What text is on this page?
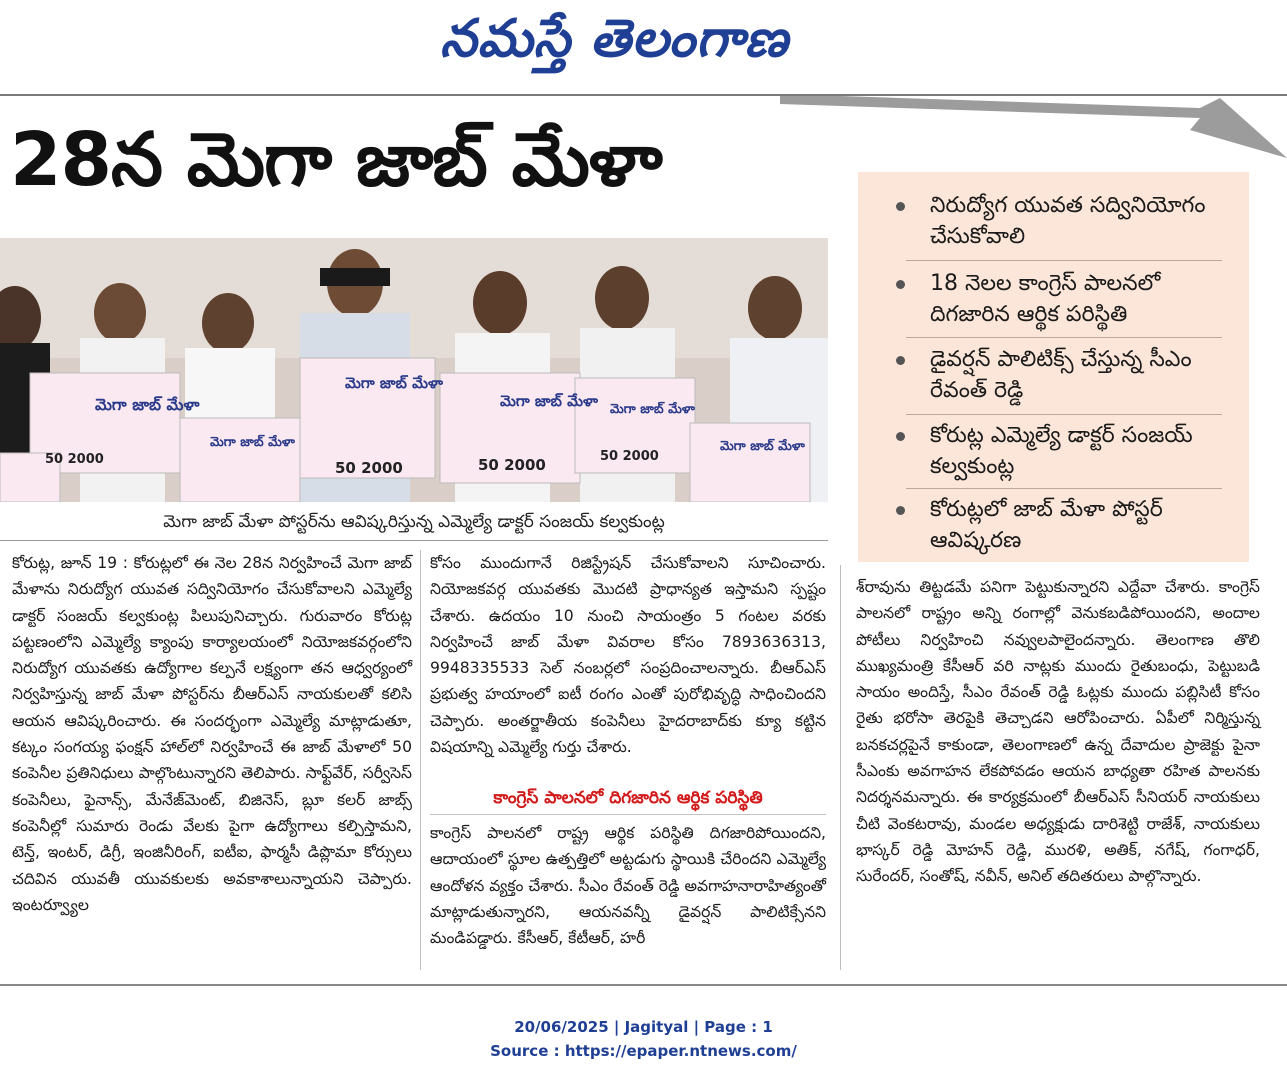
నమస్తే తెలంగాణ
28న మెగా జాబ్ మేళా
మెగా జాబ్ మేళా
మెగా జాబ్ మేళా
మెగా జాబ్ మేళా మెగా జాబ్ మేళా
మెగా జాబ్ మేళా	మెగా జాబ్ మేళా
50 2000	50 2000	50 2000
50 2000
మెగా జాబ్ మేళా పోస్టర్‌ను ఆవిష్కరిస్తున్న ఎమ్మెల్యే డాక్టర్ సంజయ్ కల్వకుంట్ల
నిరుద్యోగ యువత సద్వినియోగం చేసుకోవాలి
18 నెలల కాంగ్రెస్ పాలనలో దిగజారిన ఆర్థిక పరిస్థితి
డైవర్షన్ పాలిటిక్స్ చేస్తున్న సీఎం రేవంత్ రెడ్డి
కోరుట్ల ఎమ్మెల్యే డాక్టర్ సంజయ్ కల్వకుంట్ల
కోరుట్లలో జాబ్ మేళా పోస్టర్ ఆవిష్కరణ

కోరుట్ల, జూన్ 19 : కోరుట్లలో ఈ నెల 28న నిర్వహించే మెగా జాబ్ మేళాను నిరుద్యోగ యువత సద్వినియోగం చేసుకోవాలని ఎమ్మెల్యే డాక్టర్ సంజయ్ కల్వకుంట్ల పిలుపునిచ్చారు. గురువారం కోరుట్ల పట్టణంలోని ఎమ్మెల్యే క్యాంపు కార్యాలయంలో నియోజకవర్గంలోని నిరుద్యోగ యువతకు ఉద్యోగాల కల్పనే లక్ష్యంగా తన ఆధ్వర్యంలో నిర్వహిస్తున్న జాబ్ మేళా పోస్టర్‌ను బీఆర్‌ఎస్ నాయకులతో కలిసి ఆయన ఆవిష్కరించారు. ఈ సందర్భంగా ఎమ్మెల్యే మాట్లాడుతూ, కట్కం సంగయ్య ఫంక్షన్ హాల్‌లో నిర్వహించే ఈ జాబ్ మేళాలో 50 కంపెనీల ప్రతినిధులు పాల్గొంటున్నారని తెలిపారు. సాఫ్ట్‌వేర్, సర్వీసెస్ కంపెనీలు, ఫైనాన్స్, మేనేజ్‌మెంట్, బిజినెస్, బ్లూ కలర్ జాబ్స్ కంపెనీల్లో సుమారు రెండు వేలకు పైగా ఉద్యోగాలు కల్పిస్తామని, టెన్త్, ఇంటర్, డిగ్రీ, ఇంజినీరింగ్, ఐటీఐ, ఫార్మసీ డిప్లొమా కోర్సులు చదివిన యువతీ యువకులకు అవకాశాలున్నాయని చెప్పారు. ఇంటర్వ్యూల

కోసం ముందుగానే రిజిస్ట్రేషన్ చేసుకోవాలని సూచించారు. నియోజకవర్గ యువతకు మొదటి ప్రాధాన్యత ఇస్తామని స్పష్టం చేశారు. ఉదయం 10 నుంచి సాయంత్రం 5 గంటల వరకు నిర్వహించే జాబ్ మేళా వివరాల కోసం 7893636313, 9948335533 సెల్ నంబర్లలో సంప్రదించాలన్నారు. బీఆర్‌ఎస్ ప్రభుత్వ హయాంలో ఐటీ రంగం ఎంతో పురోభివృద్ధి సాధించిందని చెప్పారు. అంతర్జాతీయ కంపెనీలు హైదరాబాద్‌కు క్యూ కట్టిన విషయాన్ని ఎమ్మెల్యే గుర్తు చేశారు.

కాంగ్రెస్ పాలనలో దిగజారిన ఆర్థిక పరిస్థితి

కాంగ్రెస్ పాలనలో రాష్ట్ర ఆర్థిక పరిస్థితి దిగజారిపోయిందని, ఆదాయంలో స్థూల ఉత్పత్తిలో అట్టడుగు స్థాయికి చేరిందని ఎమ్మెల్యే ఆందోళన వ్యక్తం చేశారు. సీఎం రేవంత్ రెడ్డి అవగాహనారాహిత్యంతో మాట్లాడుతున్నారని, ఆయనవన్నీ డైవర్షన్ పాలిటిక్సేనని మండిపడ్డారు. కేసీఆర్, కేటీఆర్, హరీ

శ్‌రావును తిట్టడమే పనిగా పెట్టుకున్నారని ఎద్దేవా చేశారు. కాంగ్రెస్ పాలనలో రాష్ట్రం అన్ని రంగాల్లో వెనుకబడిపోయిందని, అందాల పోటీలు నిర్వహించి నవ్వులపాలైందన్నారు. తెలంగాణ తొలి ముఖ్యమంత్రి కేసీఆర్ వరి నాట్లకు ముందు రైతుబంధు, పెట్టుబడి సాయం అందిస్తే, సీఎం రేవంత్ రెడ్డి ఓట్లకు ముందు పబ్లిసిటీ కోసం రైతు భరోసా తెరపైకి తెచ్చాడని ఆరోపించారు. ఏపీలో నిర్మిస్తున్న బనకచర్లపైనే కాకుండా, తెలంగాణలో ఉన్న దేవాదుల ప్రాజెక్టు పైనా సీఎంకు అవగాహన లేకపోవడం ఆయన బాధ్యతా రహిత పాలనకు నిదర్శనమన్నారు. ఈ కార్యక్రమంలో బీఆర్‌ఎస్ సీనియర్ నాయకులు చీటి వెంకటరావు, మండల అధ్యక్షుడు దారిశెట్టి రాజేశ్, నాయకులు భాస్కర్ రెడ్డి మోహన్ రెడ్డి, మురళి, అతిక్, నగేష్, గంగాధర్, సురేందర్, సంతోష్, నవీన్, అనిల్ తదితరులు పాల్గొన్నారు.

20/06/2025 | Jagityal | Page : 1
Source : https://epaper.ntnews.com/
